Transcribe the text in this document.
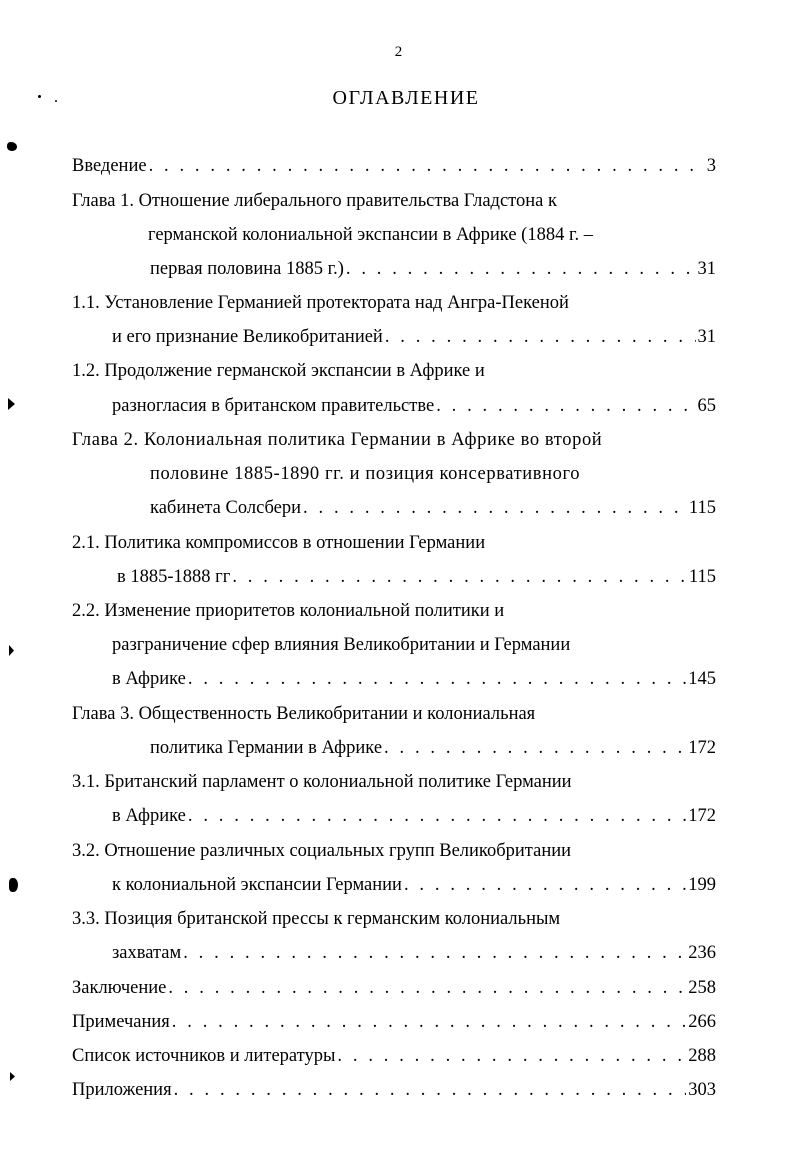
2
ОГЛАВЛЕНИЕ
Введение . . .	3
Глава 1. Отношение либерального правительства Гладстона к
германской колониальной экспансии в Африке (1884 г. –
первая половина 1885 г.) . . .	31
1.1. Установление Германией протектората над Ангра-Пекеной
и его признание Великобританией . . .	31
1.2. Продолжение германской экспансии в Африке и
разногласия в британском правительстве . . .	65
Глава 2. Колониальная политика Германии в Африке во второй
половине 1885-1890 гг. и позиция консервативного
кабинета Солсбери . . .	115
2.1. Политика компромиссов в отношении Германии
в 1885-1888 гг . . .	115
2.2. Изменение приоритетов колониальной политики и
разграничение сфер влияния Великобритании и Германии
в Африке . . .	145
Глава 3. Общественность Великобритании и колониальная
политика Германии в Африке . . .	172
3.1. Британский парламент о колониальной политике Германии
в Африке . . .	172
3.2. Отношение различных социальных групп Великобритании
к колониальной экспансии Германии . . .	199
3.3. Позиция британской прессы к германским колониальным
захватам . . .	236
Заключение . . .	258
Примечания . . .	266
Список источников и литературы . . .	288
Приложения . . .	303
